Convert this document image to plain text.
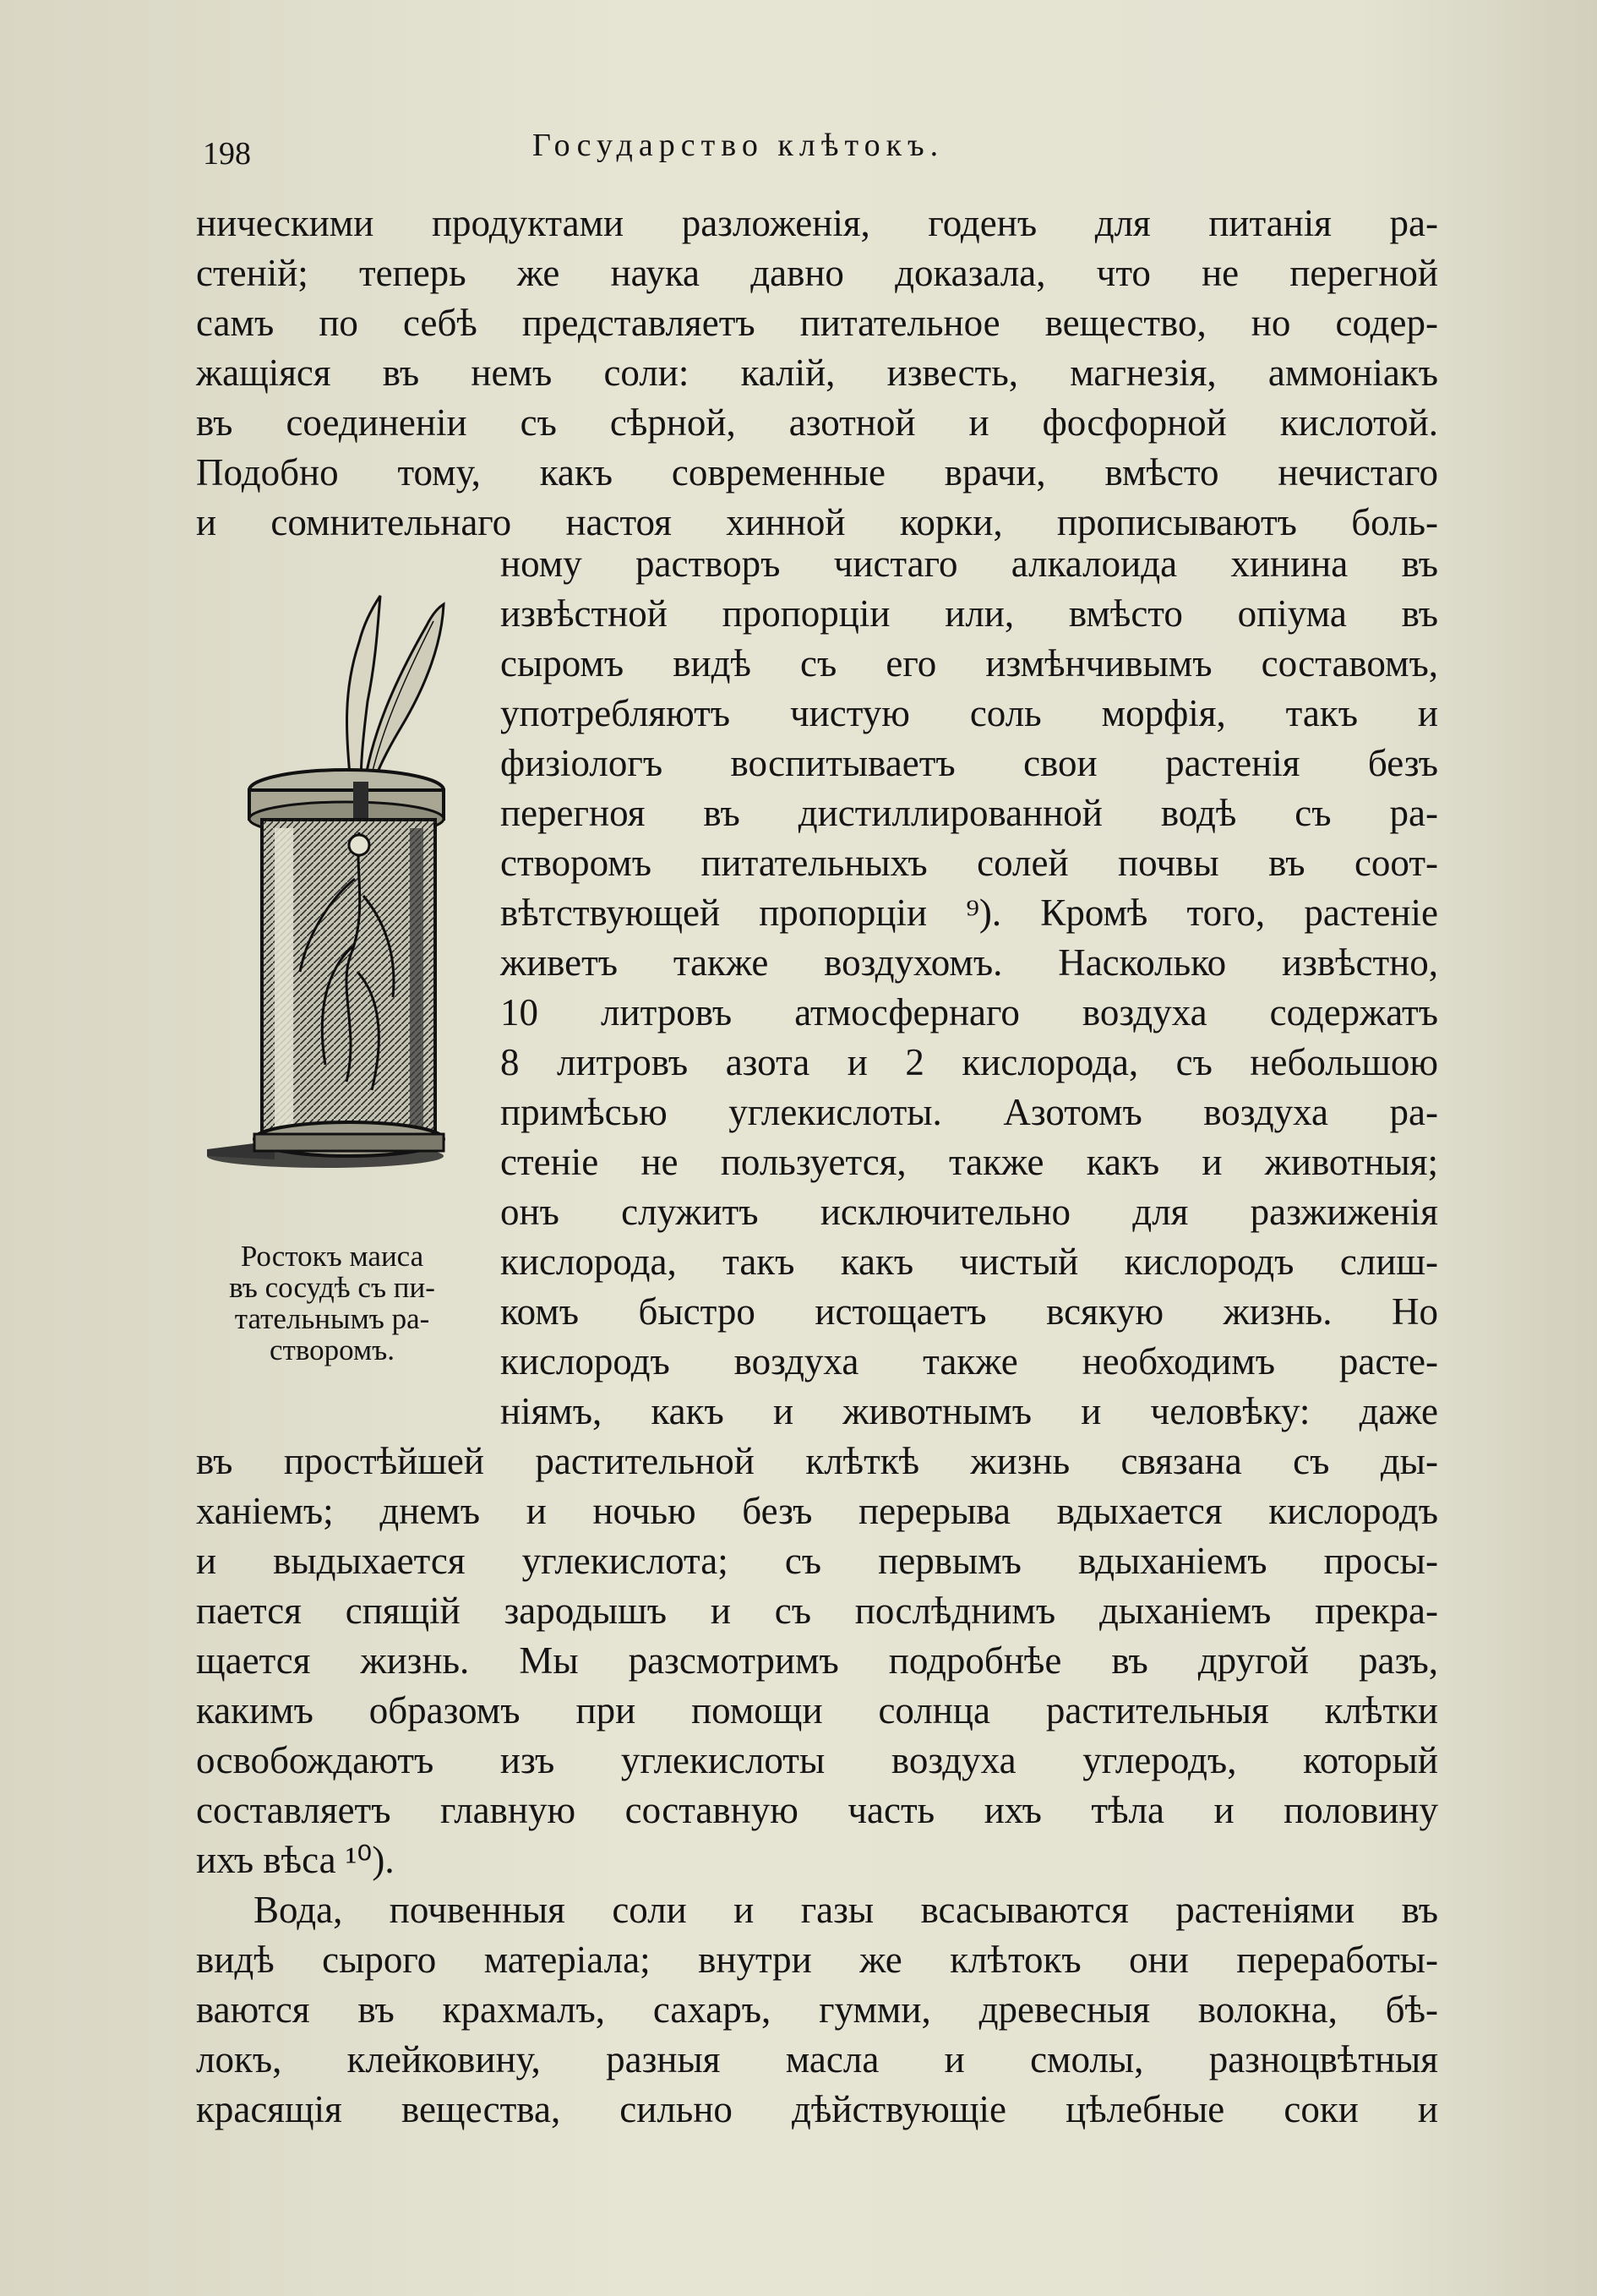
198	Государство клѣтокъ.
ническими продуктами разложенія, годенъ для питанія ра-
стеній; теперь же наука давно доказала, что не перегной
самъ по себѣ представляетъ питательное вещество, но содер-
жащіяся въ немъ соли: калій, известь, магнезія, аммоніакъ
въ соединеніи съ сѣрной, азотной и фосфорной кислотой.
Подобно тому, какъ современные врачи, вмѣсто нечистаго
и сомнительнаго настоя хинной корки, прописываютъ боль-
ному растворъ чистаго алкалоида хинина въ
извѣстной пропорціи или, вмѣсто опіума въ
сыромъ видѣ съ его измѣнчивымъ составомъ,
употребляютъ чистую соль морфія, такъ и
физіологъ воспитываетъ свои растенія безъ
перегноя въ дистиллированной водѣ съ ра-
створомъ питательныхъ солей почвы въ соот-
вѣтствующей пропорціи ⁹). Кромѣ того, растеніе
живетъ также воздухомъ. Насколько извѣстно,
10 литровъ атмосфернаго воздуха содержатъ
8 литровъ азота и 2 кислорода, съ небольшою
примѣсью углекислоты. Азотомъ воздуха ра-
стеніе не пользуется, также какъ и животныя;
онъ служитъ исключительно для разжиженія
кислорода, такъ какъ чистый кислородъ слиш-
комъ быстро истощаетъ всякую жизнь. Но
кислородъ воздуха также необходимъ расте-
ніямъ, какъ и животнымъ и человѣку: даже
Ростокъ маиса
въ сосудѣ съ пи-
тательнымъ ра-
створомъ.
въ простѣйшей растительной клѣткѣ жизнь связана съ ды-
ханіемъ; днемъ и ночью безъ перерыва вдыхается кислородъ
и выдыхается углекислота; съ первымъ вдыханіемъ просы-
пается спящій зародышъ и съ послѣднимъ дыханіемъ прекра-
щается жизнь. Мы разсмотримъ подробнѣе въ другой разъ,
какимъ образомъ при помощи солнца растительныя клѣтки
освобождаютъ изъ углекислоты воздуха углеродъ, который
составляетъ главную составную часть ихъ тѣла и половину
ихъ вѣса ¹⁰).
Вода, почвенныя соли и газы всасываются растеніями въ
видѣ сырого матеріала; внутри же клѣтокъ они переработы-
ваются въ крахмалъ, сахаръ, гумми, древесныя волокна, бѣ-
локъ, клейковину, разныя масла и смолы, разноцвѣтныя
красящія вещества, сильно дѣйствующіе цѣлебные соки и
